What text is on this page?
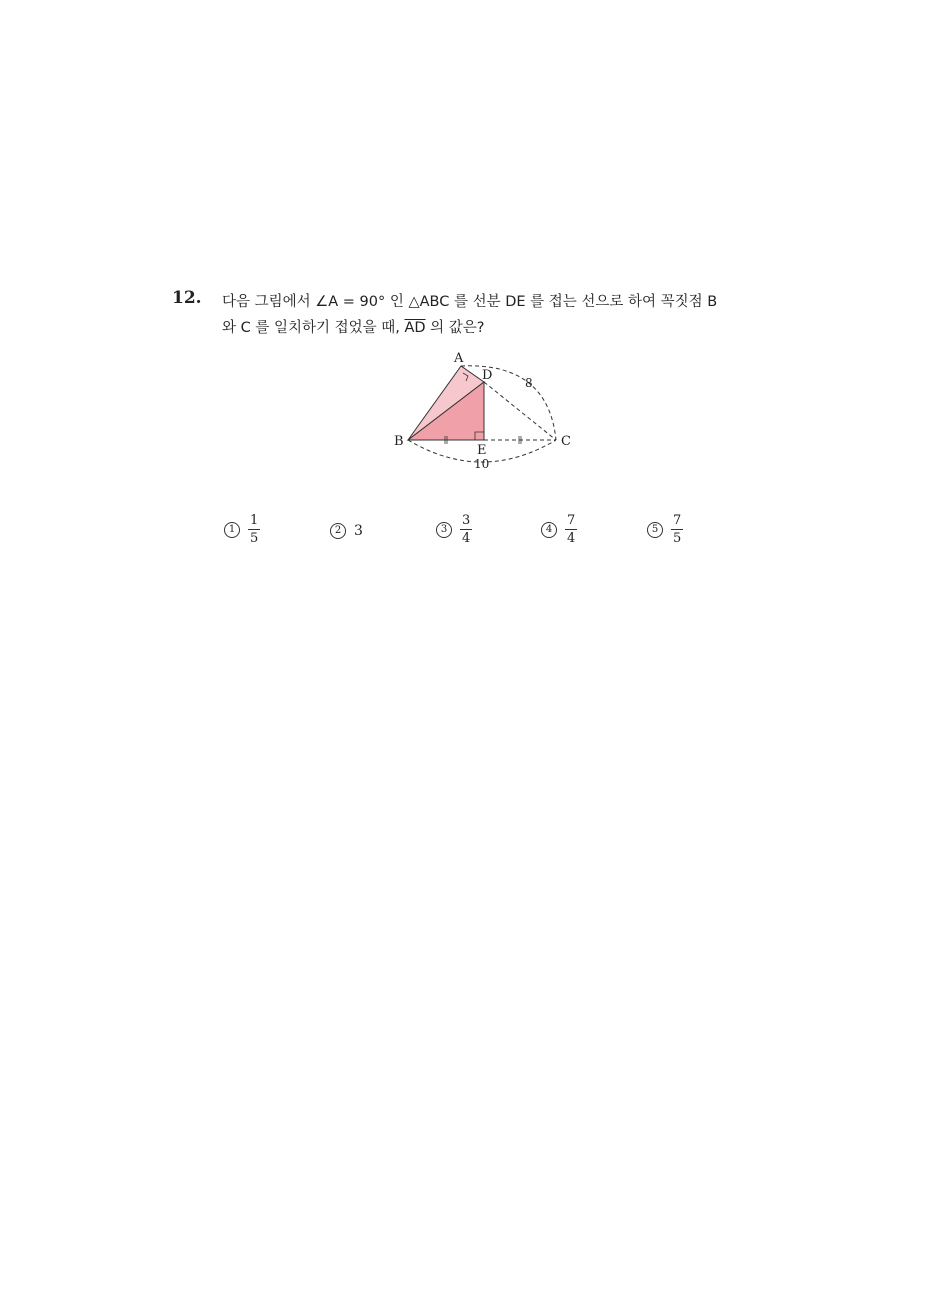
12. 다음 그림에서 ∠A = 90° 인 △ABC 를 선분 DE 를 접는 선으로 하여 꼭짓점 B
와 C 를 일치하기 접었을 때, $\overline{AD}$ 의 값은?
A
D
B
E
C
8
10
$1 \frac{1}{5}$	2 3	$3 \frac{3}{4}$	$4 \frac{7}{4}$	$5 \frac{7}{5}$
